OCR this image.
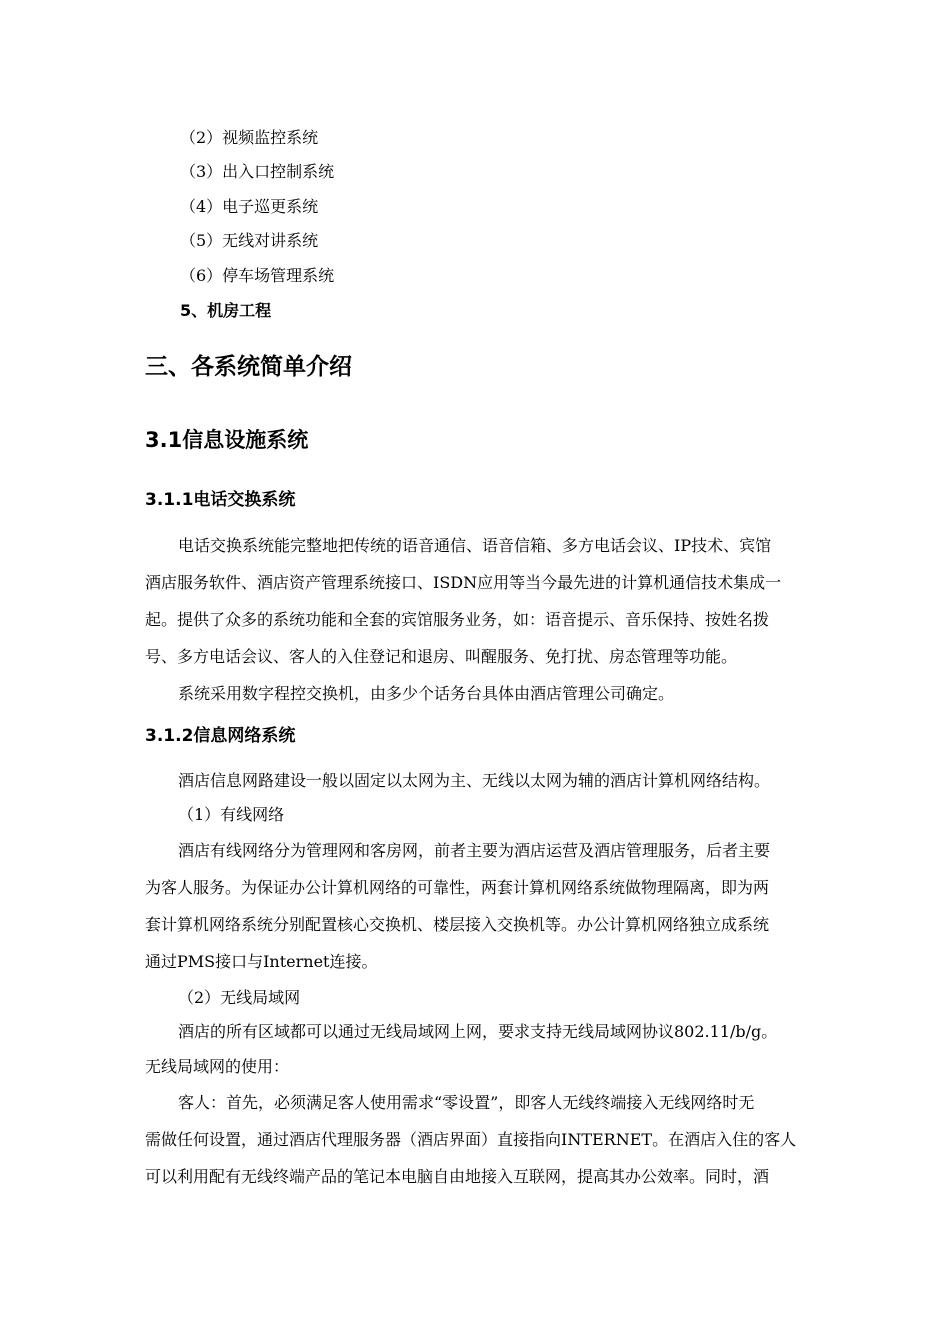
（2）视频监控系统
（3）出入口控制系统
（4）电子巡更系统
（5）无线对讲系统
（6）停车场管理系统
5、机房工程
三、各系统简单介绍
3.1信息设施系统
3.1.1电话交换系统
电话交换系统能完整地把传统的语音通信、语音信箱、多方电话会议、IP技术、宾馆
酒店服务软件、酒店资产管理系统接口、ISDN应用等当今最先进的计算机通信技术集成一
起。提供了众多的系统功能和全套的宾馆服务业务，如：语音提示、音乐保持、按姓名拨
号、多方电话会议、客人的入住登记和退房、叫醒服务、免打扰、房态管理等功能。
系统采用数字程控交换机，由多少个话务台具体由酒店管理公司确定。
3.1.2信息网络系统
酒店信息网路建设一般以固定以太网为主、无线以太网为辅的酒店计算机网络结构。
（1）有线网络
酒店有线网络分为管理网和客房网，前者主要为酒店运营及酒店管理服务，后者主要
为客人服务。为保证办公计算机网络的可靠性，两套计算机网络系统做物理隔离，即为两
套计算机网络系统分别配置核心交换机、楼层接入交换机等。办公计算机网络独立成系统
通过PMS接口与Internet连接。
（2）无线局域网
酒店的所有区域都可以通过无线局域网上网，要求支持无线局域网协议802.11/b/g。
无线局域网的使用：
客人：首先，必须满足客人使用需求“零设置”，即客人无线终端接入无线网络时无
需做任何设置，通过酒店代理服务器（酒店界面）直接指向INTERNET。在酒店入住的客人
可以利用配有无线终端产品的笔记本电脑自由地接入互联网，提高其办公效率。同时，酒
